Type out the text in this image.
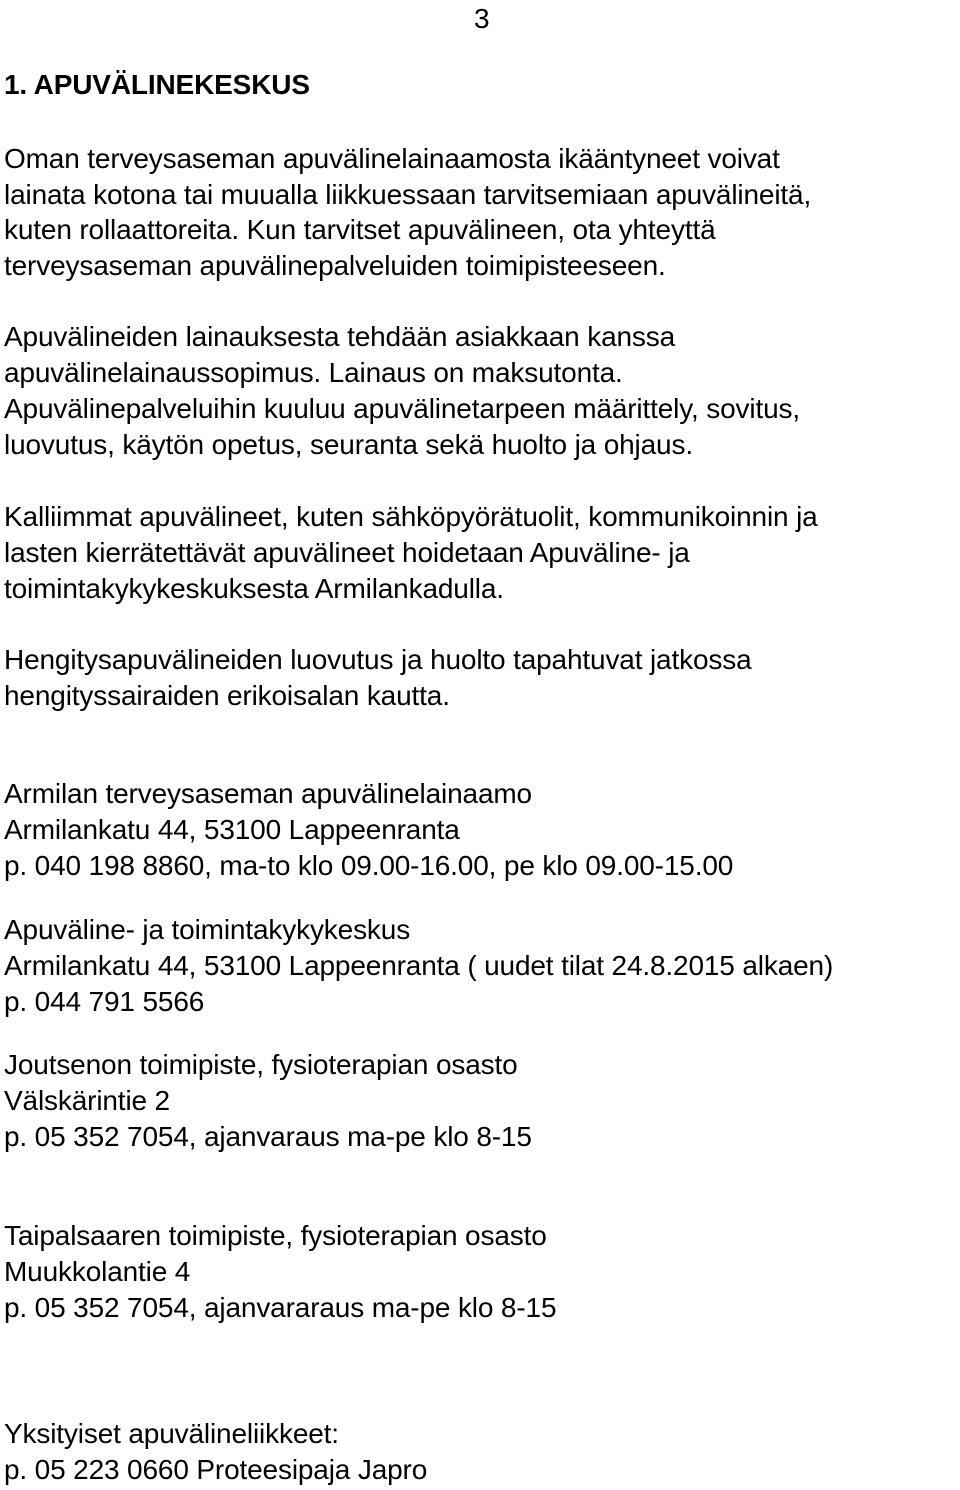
3
1. APUVÄLINEKESKUS
Oman terveysaseman apuvälinelainaamosta ikääntyneet voivat
lainata kotona tai muualla liikkuessaan tarvitsemiaan apuvälineitä,
kuten rollaattoreita. Kun tarvitset apuvälineen, ota yhteyttä
terveysaseman apuvälinepalveluiden toimipisteeseen.
Apuvälineiden lainauksesta tehdään asiakkaan kanssa
apuvälinelainaussopimus. Lainaus on maksutonta.
Apuvälinepalveluihin kuuluu apuvälinetarpeen määrittely, sovitus,
luovutus, käytön opetus, seuranta sekä huolto ja ohjaus.
Kalliimmat apuvälineet, kuten sähköpyörätuolit, kommunikoinnin ja
lasten kierrätettävät apuvälineet hoidetaan Apuväline- ja
toimintakykykeskuksesta Armilankadulla.
Hengitysapuvälineiden luovutus ja huolto tapahtuvat jatkossa
hengityssairaiden erikoisalan kautta.
Armilan terveysaseman apuvälinelainaamo
Armilankatu 44, 53100 Lappeenranta
p. 040 198 8860, ma-to klo 09.00-16.00, pe klo 09.00-15.00
Apuväline- ja toimintakykykeskus
Armilankatu 44, 53100 Lappeenranta ( uudet tilat 24.8.2015 alkaen)
p. 044 791 5566
Joutsenon toimipiste, fysioterapian osasto
Välskärintie 2
p. 05 352 7054, ajanvaraus ma-pe klo 8-15
Taipalsaaren toimipiste, fysioterapian osasto
Muukkolantie 4
p. 05 352 7054, ajanvararaus ma-pe klo 8-15
Yksityiset apuvälineliikkeet:
p. 05 223 0660 Proteesipaja Japro
